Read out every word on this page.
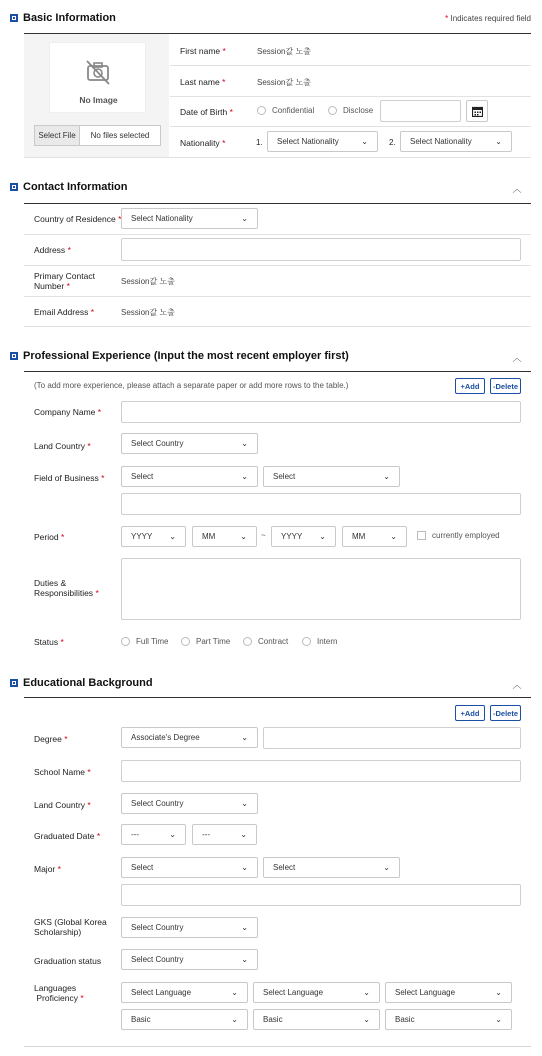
Basic Information	* Indicates required field
No Image
Select File	No files selected
First name *	Session값 노출
Last name *	Session값 노출
Date of Birth *	Confidential	Disclose
Nationality *	1. Select Nationality	⌄	2. Select Nationality	⌄
Contact Information	︿
Country of Residence * Select Nationality	⌄
Address *
Primary Contact
Number *	Session값 노출
Email Address *	Session값 노출
Professional Experience (Input the most recent employer first)	︿
(To add more experience, please attach a separate paper or add more rows to the table.)	+Add	-Delete
Company Name *
Land Country *	Select Country	⌄
Field of Business *	Select	⌄	Select	⌄
Period *	YYYY ⌄	MM	⌄ ~ YYYY ⌄	MM	⌄	currently employed
Duties &
Responsibilities *
Status *	Full Time	Part Time	Contract	Intern
Educational Background	︿
+Add	-Delete
Degree *	Associate's Degree	⌄
School Name *
Land Country *	Select Country	⌄
Graduated Date *	---	⌄	---	⌄
Major *	Select	⌄	Select	⌄
GKS (Global Korea
Scholarship)	Select Country	⌄
Graduation status	Select Country	⌄
Languages
Proficiency *
Select Language	⌄	Select Language	⌄	Select Language	⌄
Basic	⌄	Basic	⌄	Basic	⌄
